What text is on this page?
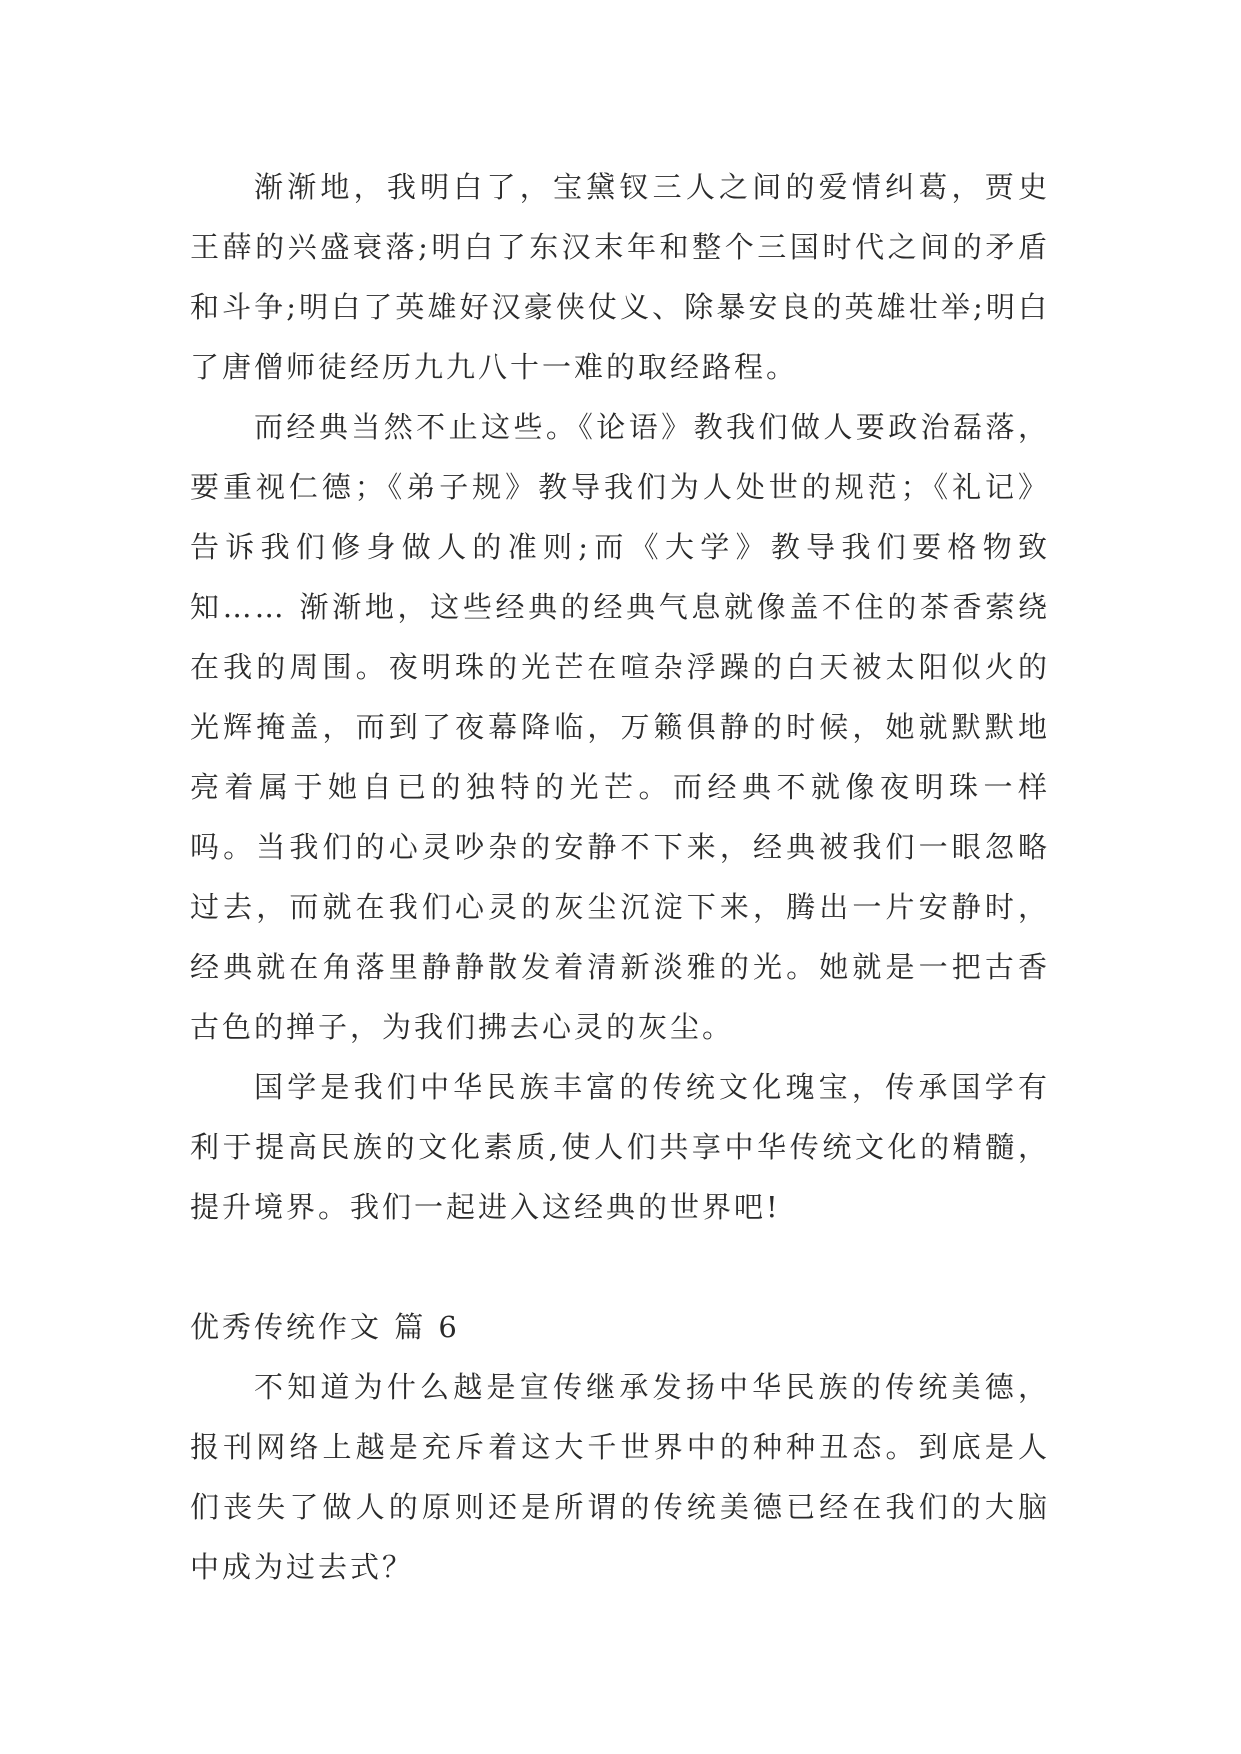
渐渐地，我明白了，宝黛钗三人之间的爱情纠葛，贾史王薛的兴盛衰落;明白了东汉末年和整个三国时代之间的矛盾和斗争;明白了英雄好汉豪侠仗义、除暴安良的英雄壮举;明白了唐僧师徒经历九九八十一难的取经路程。

而经典当然不止这些。《论语》教我们做人要政治磊落，要重视仁德；《弟子规》教导我们为人处世的规范；《礼记》告诉我们修身做人的准则;而《大学》教导我们要格物致知…… 渐渐地，这些经典的经典气息就像盖不住的茶香萦绕在我的周围。夜明珠的光芒在喧杂浮躁的白天被太阳似火的光辉掩盖，而到了夜幕降临，万籁俱静的时候，她就默默地亮着属于她自已的独特的光芒。而经典不就像夜明珠一样吗。当我们的心灵吵杂的安静不下来，经典被我们一眼忽略过去，而就在我们心灵的灰尘沉淀下来，腾出一片安静时，经典就在角落里静静散发着清新淡雅的光。她就是一把古香古色的掸子，为我们拂去心灵的灰尘。

国学是我们中华民族丰富的传统文化瑰宝，传承国学有利于提高民族的文化素质,使人们共享中华传统文化的精髓，提升境界。我们一起进入这经典的世界吧!

优秀传统作文 篇 6

不知道为什么越是宣传继承发扬中华民族的传统美德，报刊网络上越是充斥着这大千世界中的种种丑态。到底是人们丧失了做人的原则还是所谓的传统美德已经在我们的大脑中成为过去式？
